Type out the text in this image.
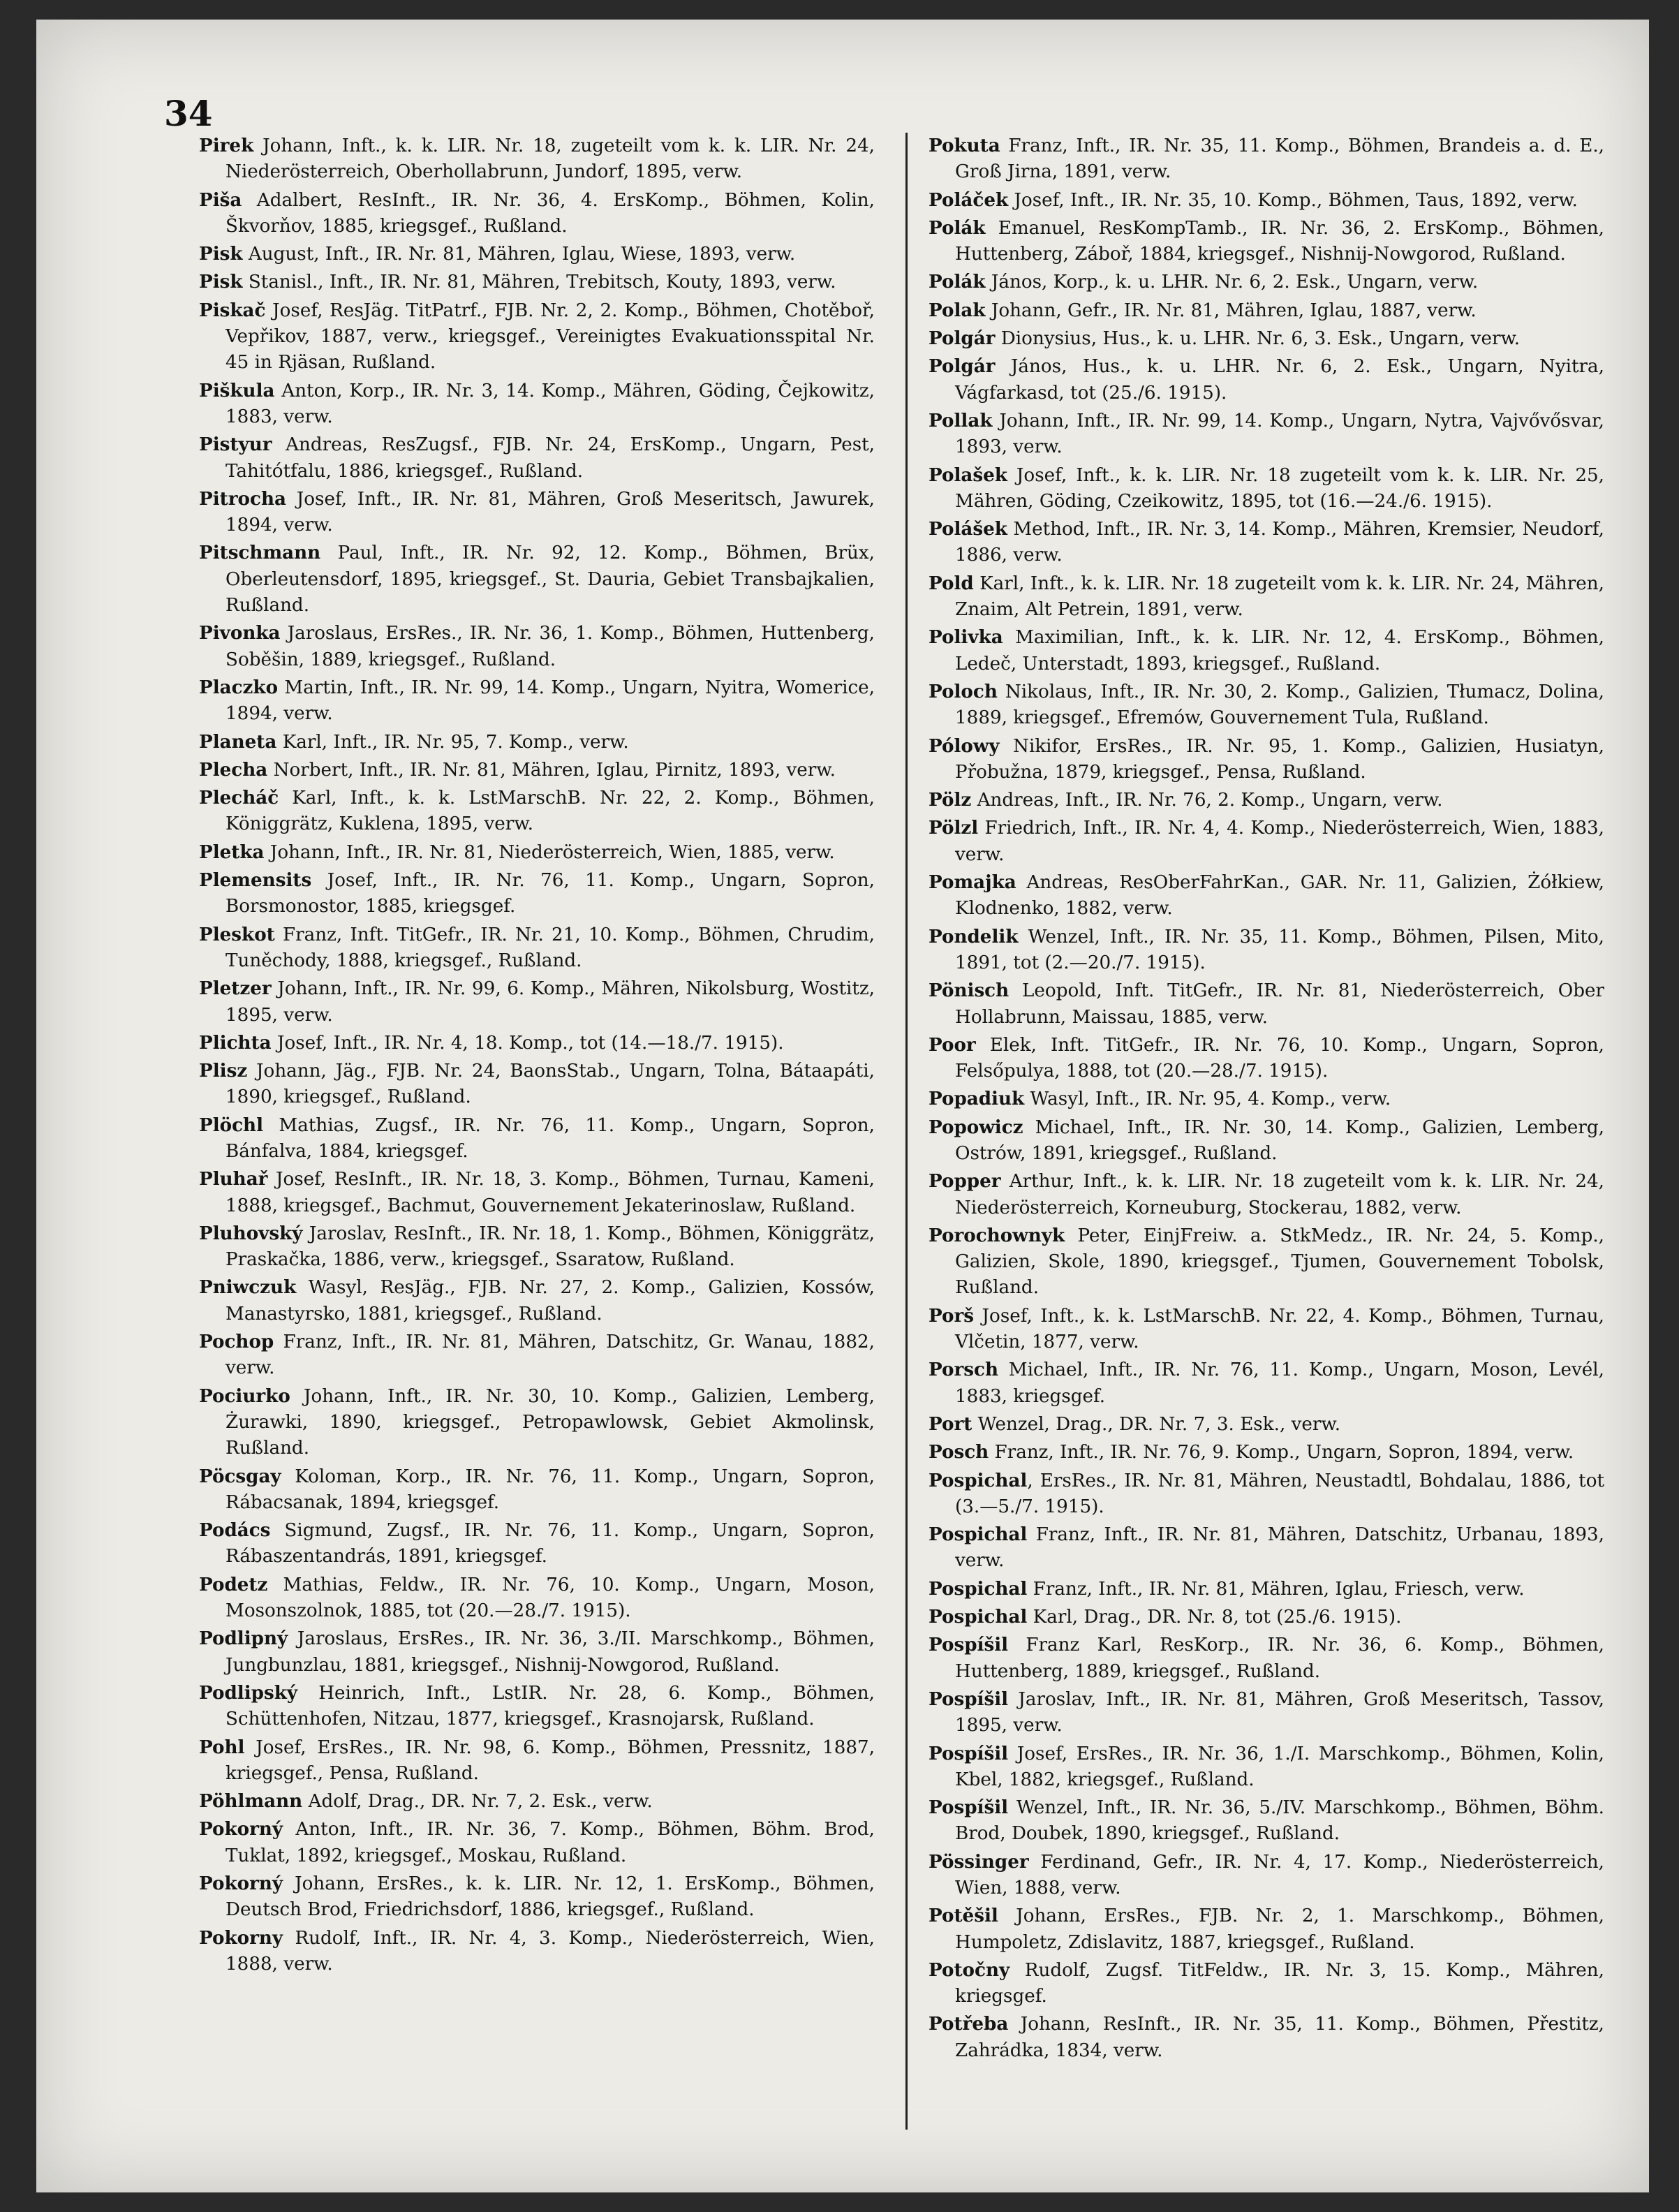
34

Pirek Johann, Inft., k. k. LIR. Nr. 18, zugeteilt vom k. k. LIR. Nr. 24, Niederösterreich, Oberhollabrunn, Jundorf, 1895, verw.

Piša Adalbert, ResInft., IR. Nr. 36, 4. ErsKomp., Böhmen, Kolin, Škvorňov, 1885, kriegsgef., Rußland.

Pisk August, Inft., IR. Nr. 81, Mähren, Iglau, Wiese, 1893, verw.

Pisk Stanisl., Inft., IR. Nr. 81, Mähren, Trebitsch, Kouty, 1893, verw.

Piskač Josef, ResJäg. TitPatrf., FJB. Nr. 2, 2. Komp., Böhmen, Chotěboř, Vepřikov, 1887, verw., kriegsgef., Vereinigtes Evakuationsspital Nr. 45 in Rjäsan, Rußland.

Piškula Anton, Korp., IR. Nr. 3, 14. Komp., Mähren, Göding, Čejkowitz, 1883, verw.

Pistyur Andreas, ResZugsf., FJB. Nr. 24, ErsKomp., Ungarn, Pest, Tahitótfalu, 1886, kriegsgef., Rußland.

Pitrocha Josef, Inft., IR. Nr. 81, Mähren, Groß Meseritsch, Jawurek, 1894, verw.

Pitschmann Paul, Inft., IR. Nr. 92, 12. Komp., Böhmen, Brüx, Oberleutensdorf, 1895, kriegsgef., St. Dauria, Gebiet Transbajkalien, Rußland.

Pivonka Jaroslaus, ErsRes., IR. Nr. 36, 1. Komp., Böhmen, Huttenberg, Soběšin, 1889, kriegsgef., Rußland.

Placzko Martin, Inft., IR. Nr. 99, 14. Komp., Ungarn, Nyitra, Womerice, 1894, verw.

Planeta Karl, Inft., IR. Nr. 95, 7. Komp., verw.

Plecha Norbert, Inft., IR. Nr. 81, Mähren, Iglau, Pirnitz, 1893, verw.

Plecháč Karl, Inft., k. k. LstMarschB. Nr. 22, 2. Komp., Böhmen, Königgrätz, Kuklena, 1895, verw.

Pletka Johann, Inft., IR. Nr. 81, Niederösterreich, Wien, 1885, verw.

Plemensits Josef, Inft., IR. Nr. 76, 11. Komp., Ungarn, Sopron, Borsmonostor, 1885, kriegsgef.

Pleskot Franz, Inft. TitGefr., IR. Nr. 21, 10. Komp., Böhmen, Chrudim, Tuněchody, 1888, kriegsgef., Rußland.

Pletzer Johann, Inft., IR. Nr. 99, 6. Komp., Mähren, Nikolsburg, Wostitz, 1895, verw.

Plichta Josef, Inft., IR. Nr. 4, 18. Komp., tot (14.—18./7. 1915).

Plisz Johann, Jäg., FJB. Nr. 24, BaonsStab., Ungarn, Tolna, Bátaapáti, 1890, kriegsgef., Rußland.

Plöchl Mathias, Zugsf., IR. Nr. 76, 11. Komp., Ungarn, Sopron, Bánfalva, 1884, kriegsgef.

Pluhař Josef, ResInft., IR. Nr. 18, 3. Komp., Böhmen, Turnau, Kameni, 1888, kriegsgef., Bachmut, Gouvernement Jekaterinoslaw, Rußland.

Pluhovský Jaroslav, ResInft., IR. Nr. 18, 1. Komp., Böhmen, Königgrätz, Praskačka, 1886, verw., kriegsgef., Ssaratow, Rußland.

Pniwczuk Wasyl, ResJäg., FJB. Nr. 27, 2. Komp., Galizien, Kossów, Manastyrsko, 1881, kriegsgef., Rußland.

Pochop Franz, Inft., IR. Nr. 81, Mähren, Datschitz, Gr. Wanau, 1882, verw.

Pociurko Johann, Inft., IR. Nr. 30, 10. Komp., Galizien, Lemberg, Żurawki, 1890, kriegsgef., Petropawlowsk, Gebiet Akmolinsk, Rußland.

Pöcsgay Koloman, Korp., IR. Nr. 76, 11. Komp., Ungarn, Sopron, Rábacsanak, 1894, kriegsgef.

Podács Sigmund, Zugsf., IR. Nr. 76, 11. Komp., Ungarn, Sopron, Rábaszentandrás, 1891, kriegsgef.

Podetz Mathias, Feldw., IR. Nr. 76, 10. Komp., Ungarn, Moson, Mosonszolnok, 1885, tot (20.—28./7. 1915).

Podlipný Jaroslaus, ErsRes., IR. Nr. 36, 3./II. Marschkomp., Böhmen, Jungbunzlau, 1881, kriegsgef., Nishnij-Nowgorod, Rußland.

Podlipský Heinrich, Inft., LstIR. Nr. 28, 6. Komp., Böhmen, Schüttenhofen, Nitzau, 1877, kriegsgef., Krasnojarsk, Rußland.

Pohl Josef, ErsRes., IR. Nr. 98, 6. Komp., Böhmen, Pressnitz, 1887, kriegsgef., Pensa, Rußland.

Pöhlmann Adolf, Drag., DR. Nr. 7, 2. Esk., verw.

Pokorný Anton, Inft., IR. Nr. 36, 7. Komp., Böhmen, Böhm. Brod, Tuklat, 1892, kriegsgef., Moskau, Rußland.

Pokorný Johann, ErsRes., k. k. LIR. Nr. 12, 1. ErsKomp., Böhmen, Deutsch Brod, Friedrichsdorf, 1886, kriegsgef., Rußland.

Pokorny Rudolf, Inft., IR. Nr. 4, 3. Komp., Niederösterreich, Wien, 1888, verw.

Pokuta Franz, Inft., IR. Nr. 35, 11. Komp., Böhmen, Brandeis a. d. E., Groß Jirna, 1891, verw.

Poláček Josef, Inft., IR. Nr. 35, 10. Komp., Böhmen, Taus, 1892, verw.

Polák Emanuel, ResKompTamb., IR. Nr. 36, 2. ErsKomp., Böhmen, Huttenberg, Záboř, 1884, kriegsgef., Nishnij-Nowgorod, Rußland.

Polák János, Korp., k. u. LHR. Nr. 6, 2. Esk., Ungarn, verw.

Polak Johann, Gefr., IR. Nr. 81, Mähren, Iglau, 1887, verw.

Polgár Dionysius, Hus., k. u. LHR. Nr. 6, 3. Esk., Ungarn, verw.

Polgár János, Hus., k. u. LHR. Nr. 6, 2. Esk., Ungarn, Nyitra, Vágfarkasd, tot (25./6. 1915).

Pollak Johann, Inft., IR. Nr. 99, 14. Komp., Ungarn, Nytra, Vajvővősvar, 1893, verw.

Polašek Josef, Inft., k. k. LIR. Nr. 18 zugeteilt vom k. k. LIR. Nr. 25, Mähren, Göding, Czeikowitz, 1895, tot (16.—24./6. 1915).

Polášek Method, Inft., IR. Nr. 3, 14. Komp., Mähren, Kremsier, Neudorf, 1886, verw.

Pold Karl, Inft., k. k. LIR. Nr. 18 zugeteilt vom k. k. LIR. Nr. 24, Mähren, Znaim, Alt Petrein, 1891, verw.

Polivka Maximilian, Inft., k. k. LIR. Nr. 12, 4. ErsKomp., Böhmen, Ledeč, Unterstadt, 1893, kriegsgef., Rußland.

Poloch Nikolaus, Inft., IR. Nr. 30, 2. Komp., Galizien, Tłumacz, Dolina, 1889, kriegsgef., Efremów, Gouvernement Tula, Rußland.

Pólowy Nikifor, ErsRes., IR. Nr. 95, 1. Komp., Galizien, Husiatyn, Přobužna, 1879, kriegsgef., Pensa, Rußland.

Pölz Andreas, Inft., IR. Nr. 76, 2. Komp., Ungarn, verw.

Pölzl Friedrich, Inft., IR. Nr. 4, 4. Komp., Niederösterreich, Wien, 1883, verw.

Pomajka Andreas, ResOberFahrKan., GAR. Nr. 11, Galizien, Żółkiew, Klodnenko, 1882, verw.

Pondelik Wenzel, Inft., IR. Nr. 35, 11. Komp., Böhmen, Pilsen, Mito, 1891, tot (2.—20./7. 1915).

Pönisch Leopold, Inft. TitGefr., IR. Nr. 81, Niederösterreich, Ober Hollabrunn, Maissau, 1885, verw.

Poor Elek, Inft. TitGefr., IR. Nr. 76, 10. Komp., Ungarn, Sopron, Felsőpulya, 1888, tot (20.—28./7. 1915).

Popadiuk Wasyl, Inft., IR. Nr. 95, 4. Komp., verw.

Popowicz Michael, Inft., IR. Nr. 30, 14. Komp., Galizien, Lemberg, Ostrów, 1891, kriegsgef., Rußland.

Popper Arthur, Inft., k. k. LIR. Nr. 18 zugeteilt vom k. k. LIR. Nr. 24, Niederösterreich, Korneuburg, Stockerau, 1882, verw.

Porochownyk Peter, EinjFreiw. a. StkMedz., IR. Nr. 24, 5. Komp., Galizien, Skole, 1890, kriegsgef., Tjumen, Gouvernement Tobolsk, Rußland.

Porš Josef, Inft., k. k. LstMarschB. Nr. 22, 4. Komp., Böhmen, Turnau, Vlčetin, 1877, verw.

Porsch Michael, Inft., IR. Nr. 76, 11. Komp., Ungarn, Moson, Levél, 1883, kriegsgef.

Port Wenzel, Drag., DR. Nr. 7, 3. Esk., verw.

Posch Franz, Inft., IR. Nr. 76, 9. Komp., Ungarn, Sopron, 1894, verw.

Pospichal, ErsRes., IR. Nr. 81, Mähren, Neustadtl, Bohdalau, 1886, tot (3.—5./7. 1915).

Pospichal Franz, Inft., IR. Nr. 81, Mähren, Datschitz, Urbanau, 1893, verw.

Pospichal Franz, Inft., IR. Nr. 81, Mähren, Iglau, Friesch, verw.

Pospichal Karl, Drag., DR. Nr. 8, tot (25./6. 1915).

Pospíšil Franz Karl, ResKorp., IR. Nr. 36, 6. Komp., Böhmen, Huttenberg, 1889, kriegsgef., Rußland.

Pospíšil Jaroslav, Inft., IR. Nr. 81, Mähren, Groß Meseritsch, Tassov, 1895, verw.

Pospíšil Josef, ErsRes., IR. Nr. 36, 1./I. Marschkomp., Böhmen, Kolin, Kbel, 1882, kriegsgef., Rußland.

Pospíšil Wenzel, Inft., IR. Nr. 36, 5./IV. Marschkomp., Böhmen, Böhm. Brod, Doubek, 1890, kriegsgef., Rußland.

Pössinger Ferdinand, Gefr., IR. Nr. 4, 17. Komp., Niederösterreich, Wien, 1888, verw.

Potěšil Johann, ErsRes., FJB. Nr. 2, 1. Marschkomp., Böhmen, Humpoletz, Zdislavitz, 1887, kriegsgef., Rußland.

Potočny Rudolf, Zugsf. TitFeldw., IR. Nr. 3, 15. Komp., Mähren, kriegsgef.

Potřeba Johann, ResInft., IR. Nr. 35, 11. Komp., Böhmen, Přestitz, Zahrádka, 1834, verw.
